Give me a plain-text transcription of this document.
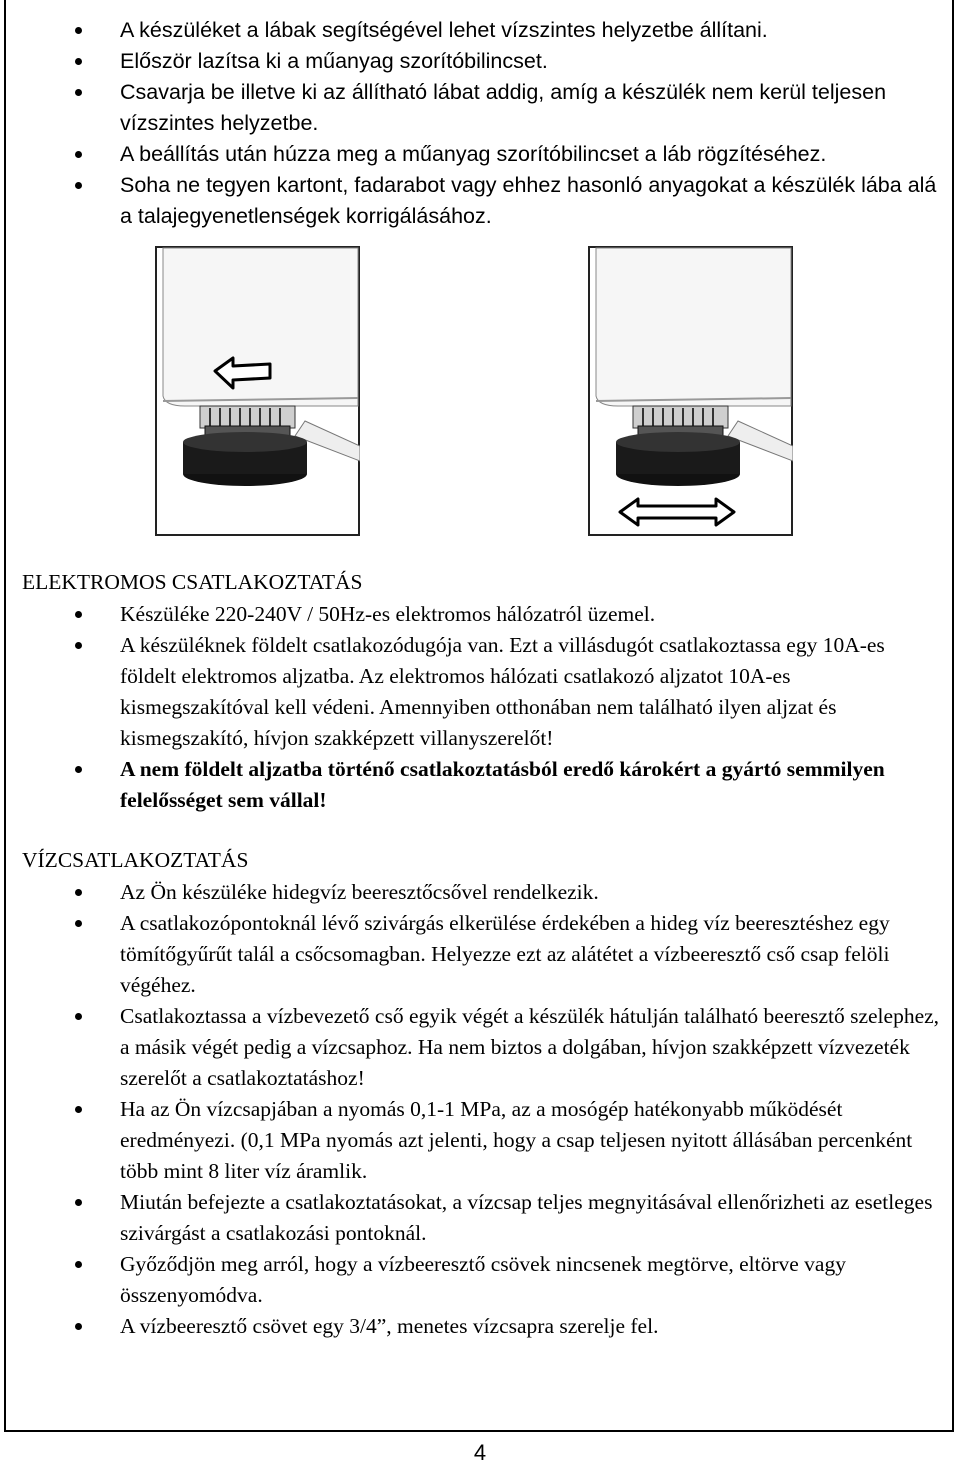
A készüléket a lábak segítségével lehet vízszintes helyzetbe állítani.
Először lazítsa ki a műanyag szorítóbilincset.
Csavarja be illetve ki az állítható lábat addig, amíg a készülék nem kerül teljesen vízszintes helyzetbe.
A beállítás után húzza meg a műanyag szorítóbilincset a láb rögzítéséhez.
Soha ne tegyen kartont, fadarabot vagy ehhez hasonló anyagokat a készülék lába alá a talajegyenetlenségek korrigálásához.
ELEKTROMOS CSATLAKOZTATÁS
Készüléke 220-240V / 50Hz-es elektromos hálózatról üzemel.
A készüléknek földelt csatlakozódugója van. Ezt a villásdugót csatlakoztassa egy 10A-es földelt elektromos aljzatba. Az elektromos hálózati csatlakozó aljzatot 10A-es kismegszakítóval kell védeni. Amennyiben otthonában nem található ilyen aljzat és kismegszakító, hívjon szakképzett villanyszerelőt!
A nem földelt aljzatba történő csatlakoztatásból eredő károkért a gyártó semmilyen felelősséget sem vállal!
VÍZCSATLAKOZTATÁS
Az Ön készüléke hidegvíz beeresztőcsővel rendelkezik.
A csatlakozópontoknál lévő szivárgás elkerülése érdekében a hideg víz beeresztéshez egy tömítőgyűrűt talál a csőcsomagban. Helyezze ezt az alátétet a vízbeeresztő cső csap felöli végéhez.
Csatlakoztassa a vízbevezető cső egyik végét a készülék hátulján található beeresztő szelephez, a másik végét pedig a vízcsaphoz. Ha nem biztos a dolgában, hívjon szakképzett vízvezeték szerelőt a csatlakoztatáshoz!
Ha az Ön vízcsapjában a nyomás 0,1-1 MPa, az a mosógép hatékonyabb működését eredményezi. (0,1 MPa nyomás azt jelenti, hogy a csap teljesen nyitott állásában percenként több mint 8 liter víz áramlik.
Miután befejezte a csatlakoztatásokat, a vízcsap teljes megnyitásával ellenőrizheti az esetleges szivárgást a csatlakozási pontoknál.
Győződjön meg arról, hogy a vízbeeresztő csövek nincsenek megtörve, eltörve vagy összenyomódva.
A vízbeeresztő csövet egy 3/4”, menetes vízcsapra szerelje fel.
4
